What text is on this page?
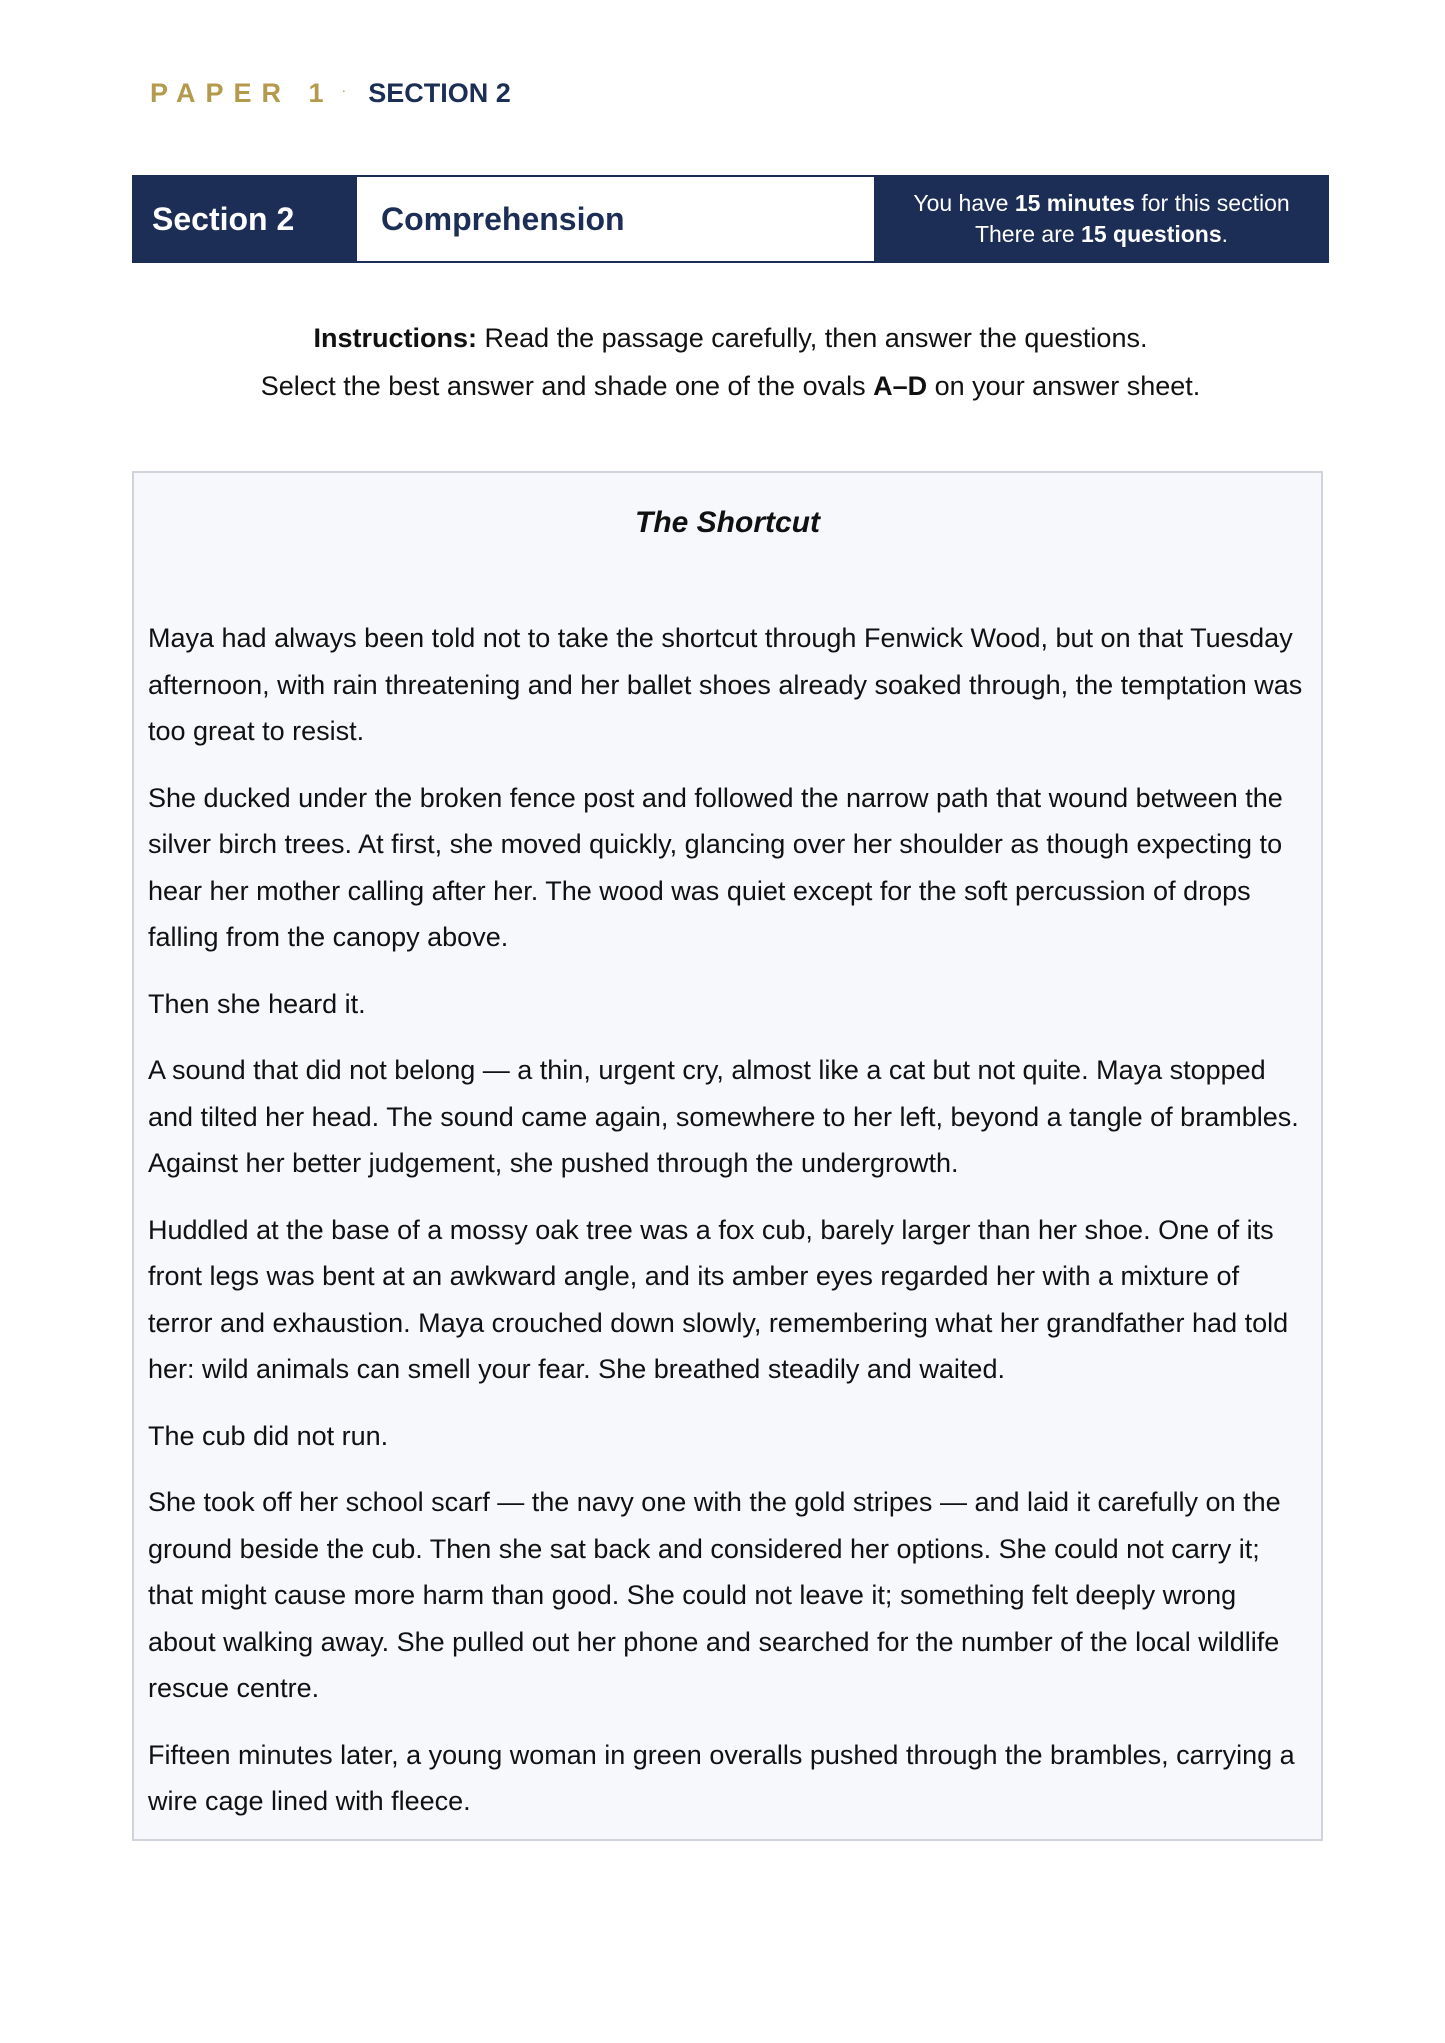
PAPER 1 · SECTION 2
Section 2	Comprehension	You have 15 minutes for this section
There are 15 questions.
Instructions: Read the passage carefully, then answer the questions.
Select the best answer and shade one of the ovals A–D on your answer sheet.
The Shortcut

Maya had always been told not to take the shortcut through Fenwick Wood, but on that Tuesday afternoon, with rain threatening and her ballet shoes already soaked through, the temptation was too great to resist.

She ducked under the broken fence post and followed the narrow path that wound between the silver birch trees. At first, she moved quickly, glancing over her shoulder as though expecting to hear her mother calling after her. The wood was quiet except for the soft percussion of drops falling from the canopy above.

Then she heard it.

A sound that did not belong — a thin, urgent cry, almost like a cat but not quite. Maya stopped and tilted her head. The sound came again, somewhere to her left, beyond a tangle of brambles. Against her better judgement, she pushed through the undergrowth.

Huddled at the base of a mossy oak tree was a fox cub, barely larger than her shoe. One of its front legs was bent at an awkward angle, and its amber eyes regarded her with a mixture of terror and exhaustion. Maya crouched down slowly, remembering what her grandfather had told her: wild animals can smell your fear. She breathed steadily and waited.

The cub did not run.

She took off her school scarf — the navy one with the gold stripes — and laid it carefully on the ground beside the cub. Then she sat back and considered her options. She could not carry it; that might cause more harm than good. She could not leave it; something felt deeply wrong about walking away. She pulled out her phone and searched for the number of the local wildlife rescue centre.

Fifteen minutes later, a young woman in green overalls pushed through the brambles, carrying a wire cage lined with fleece.
